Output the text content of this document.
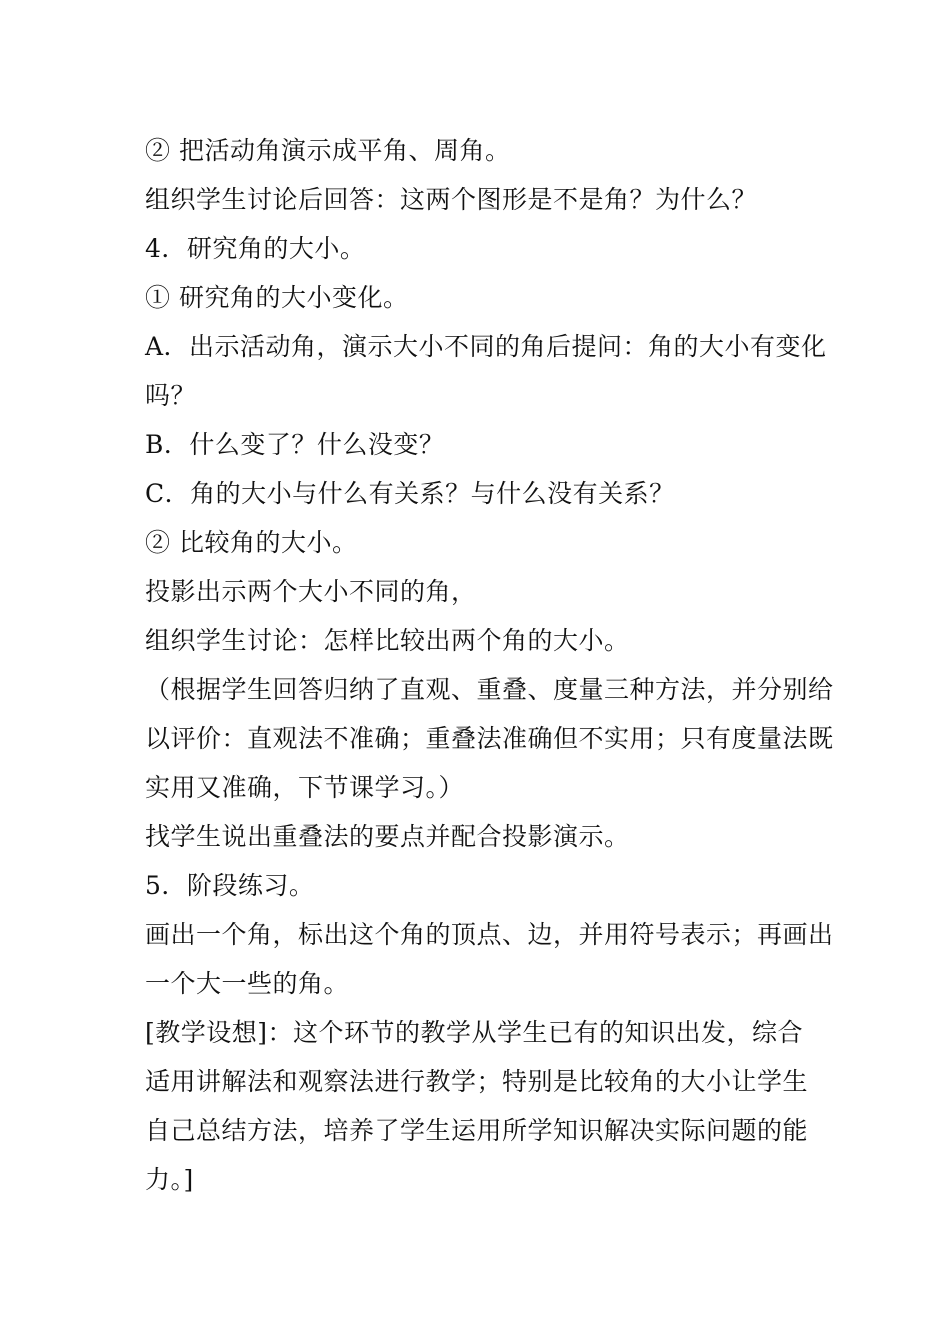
② 把活动角演示成平角、周角。
组织学生讨论后回答：这两个图形是不是角？为什么？
4．研究角的大小。
① 研究角的大小变化。
A．出示活动角，演示大小不同的角后提问：角的大小有变化
吗？
B．什么变了？什么没变？
C．角的大小与什么有关系？与什么没有关系？
② 比较角的大小。
投影出示两个大小不同的角，
组织学生讨论：怎样比较出两个角的大小。
（根据学生回答归纳了直观、重叠、度量三种方法，并分别给
以评价：直观法不准确；重叠法准确但不实用；只有度量法既
实用又准确，下节课学习。）
找学生说出重叠法的要点并配合投影演示。
5．阶段练习。
画出一个角，标出这个角的顶点、边，并用符号表示；再画出
一个大一些的角。
[教学设想]：这个环节的教学从学生已有的知识出发，综合
适用讲解法和观察法进行教学；特别是比较角的大小让学生
自己总结方法，培养了学生运用所学知识解决实际问题的能
力。]
